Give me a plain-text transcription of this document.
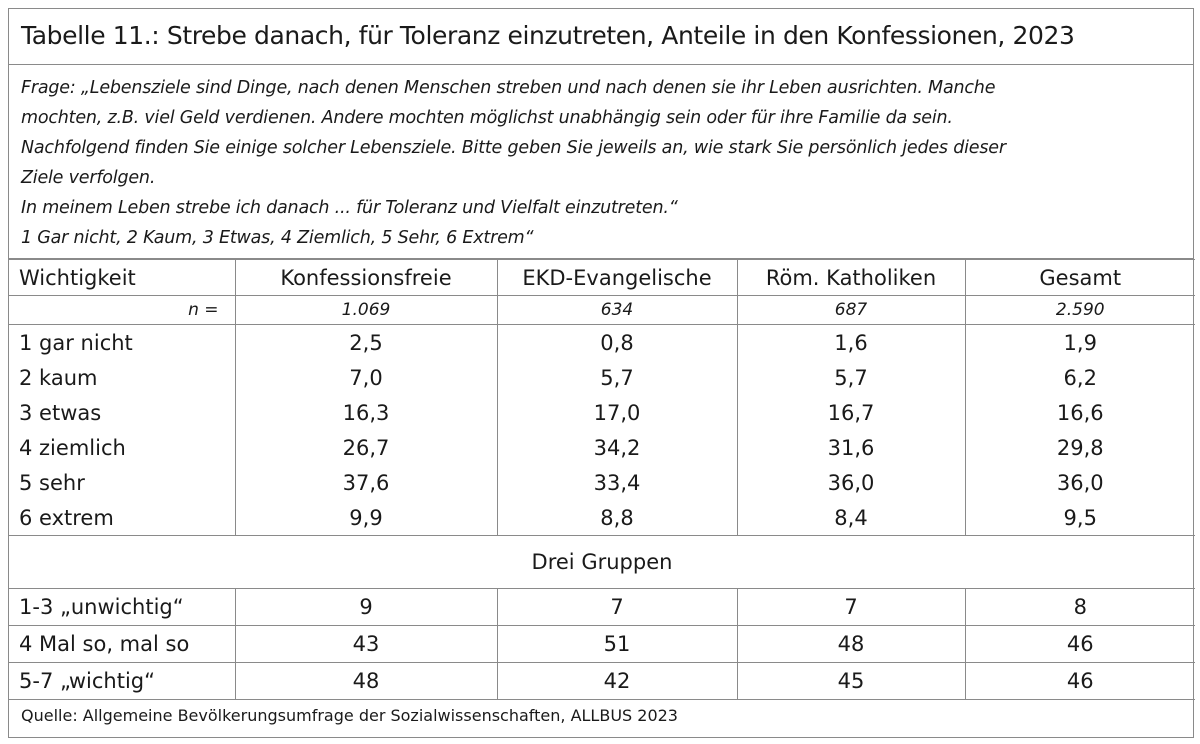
Tabelle 11.: Strebe danach, für Toleranz einzutreten, Anteile in den Konfessionen, 2023
Frage: „Lebensziele sind Dinge, nach denen Menschen streben und nach denen sie ihr Leben ausrichten. Manche
mochten, z.B. viel Geld verdienen. Andere mochten möglichst unabhängig sein oder für ihre Familie da sein.
Nachfolgend finden Sie einige solcher Lebensziele. Bitte geben Sie jeweils an, wie stark Sie persönlich jedes dieser
Ziele verfolgen.
In meinem Leben strebe ich danach ... für Toleranz und Vielfalt einzutreten.“
1 Gar nicht, 2 Kaum, 3 Etwas, 4 Ziemlich, 5 Sehr, 6 Extrem“
Wichtigkeit	Konfessionsfreie	EKD-Evangelische	Röm. Katholiken	Gesamt
n =	1.069	634	687	2.590
1 gar nicht	2,5	0,8	1,6	1,9
2 kaum	7,0	5,7	5,7	6,2
3 etwas	16,3	17,0	16,7	16,6
4 ziemlich	26,7	34,2	31,6	29,8
5 sehr	37,6	33,4	36,0	36,0
6 extrem	9,9	8,8	8,4	9,5
Drei Gruppen				
1-3 „unwichtig“	9	7	7	8
4 Mal so, mal so	43	51	48	46
5-7 „wichtig“	48	42	45	46
Quelle: Allgemeine Bevölkerungsumfrage der Sozialwissenschaften, ALLBUS 2023
